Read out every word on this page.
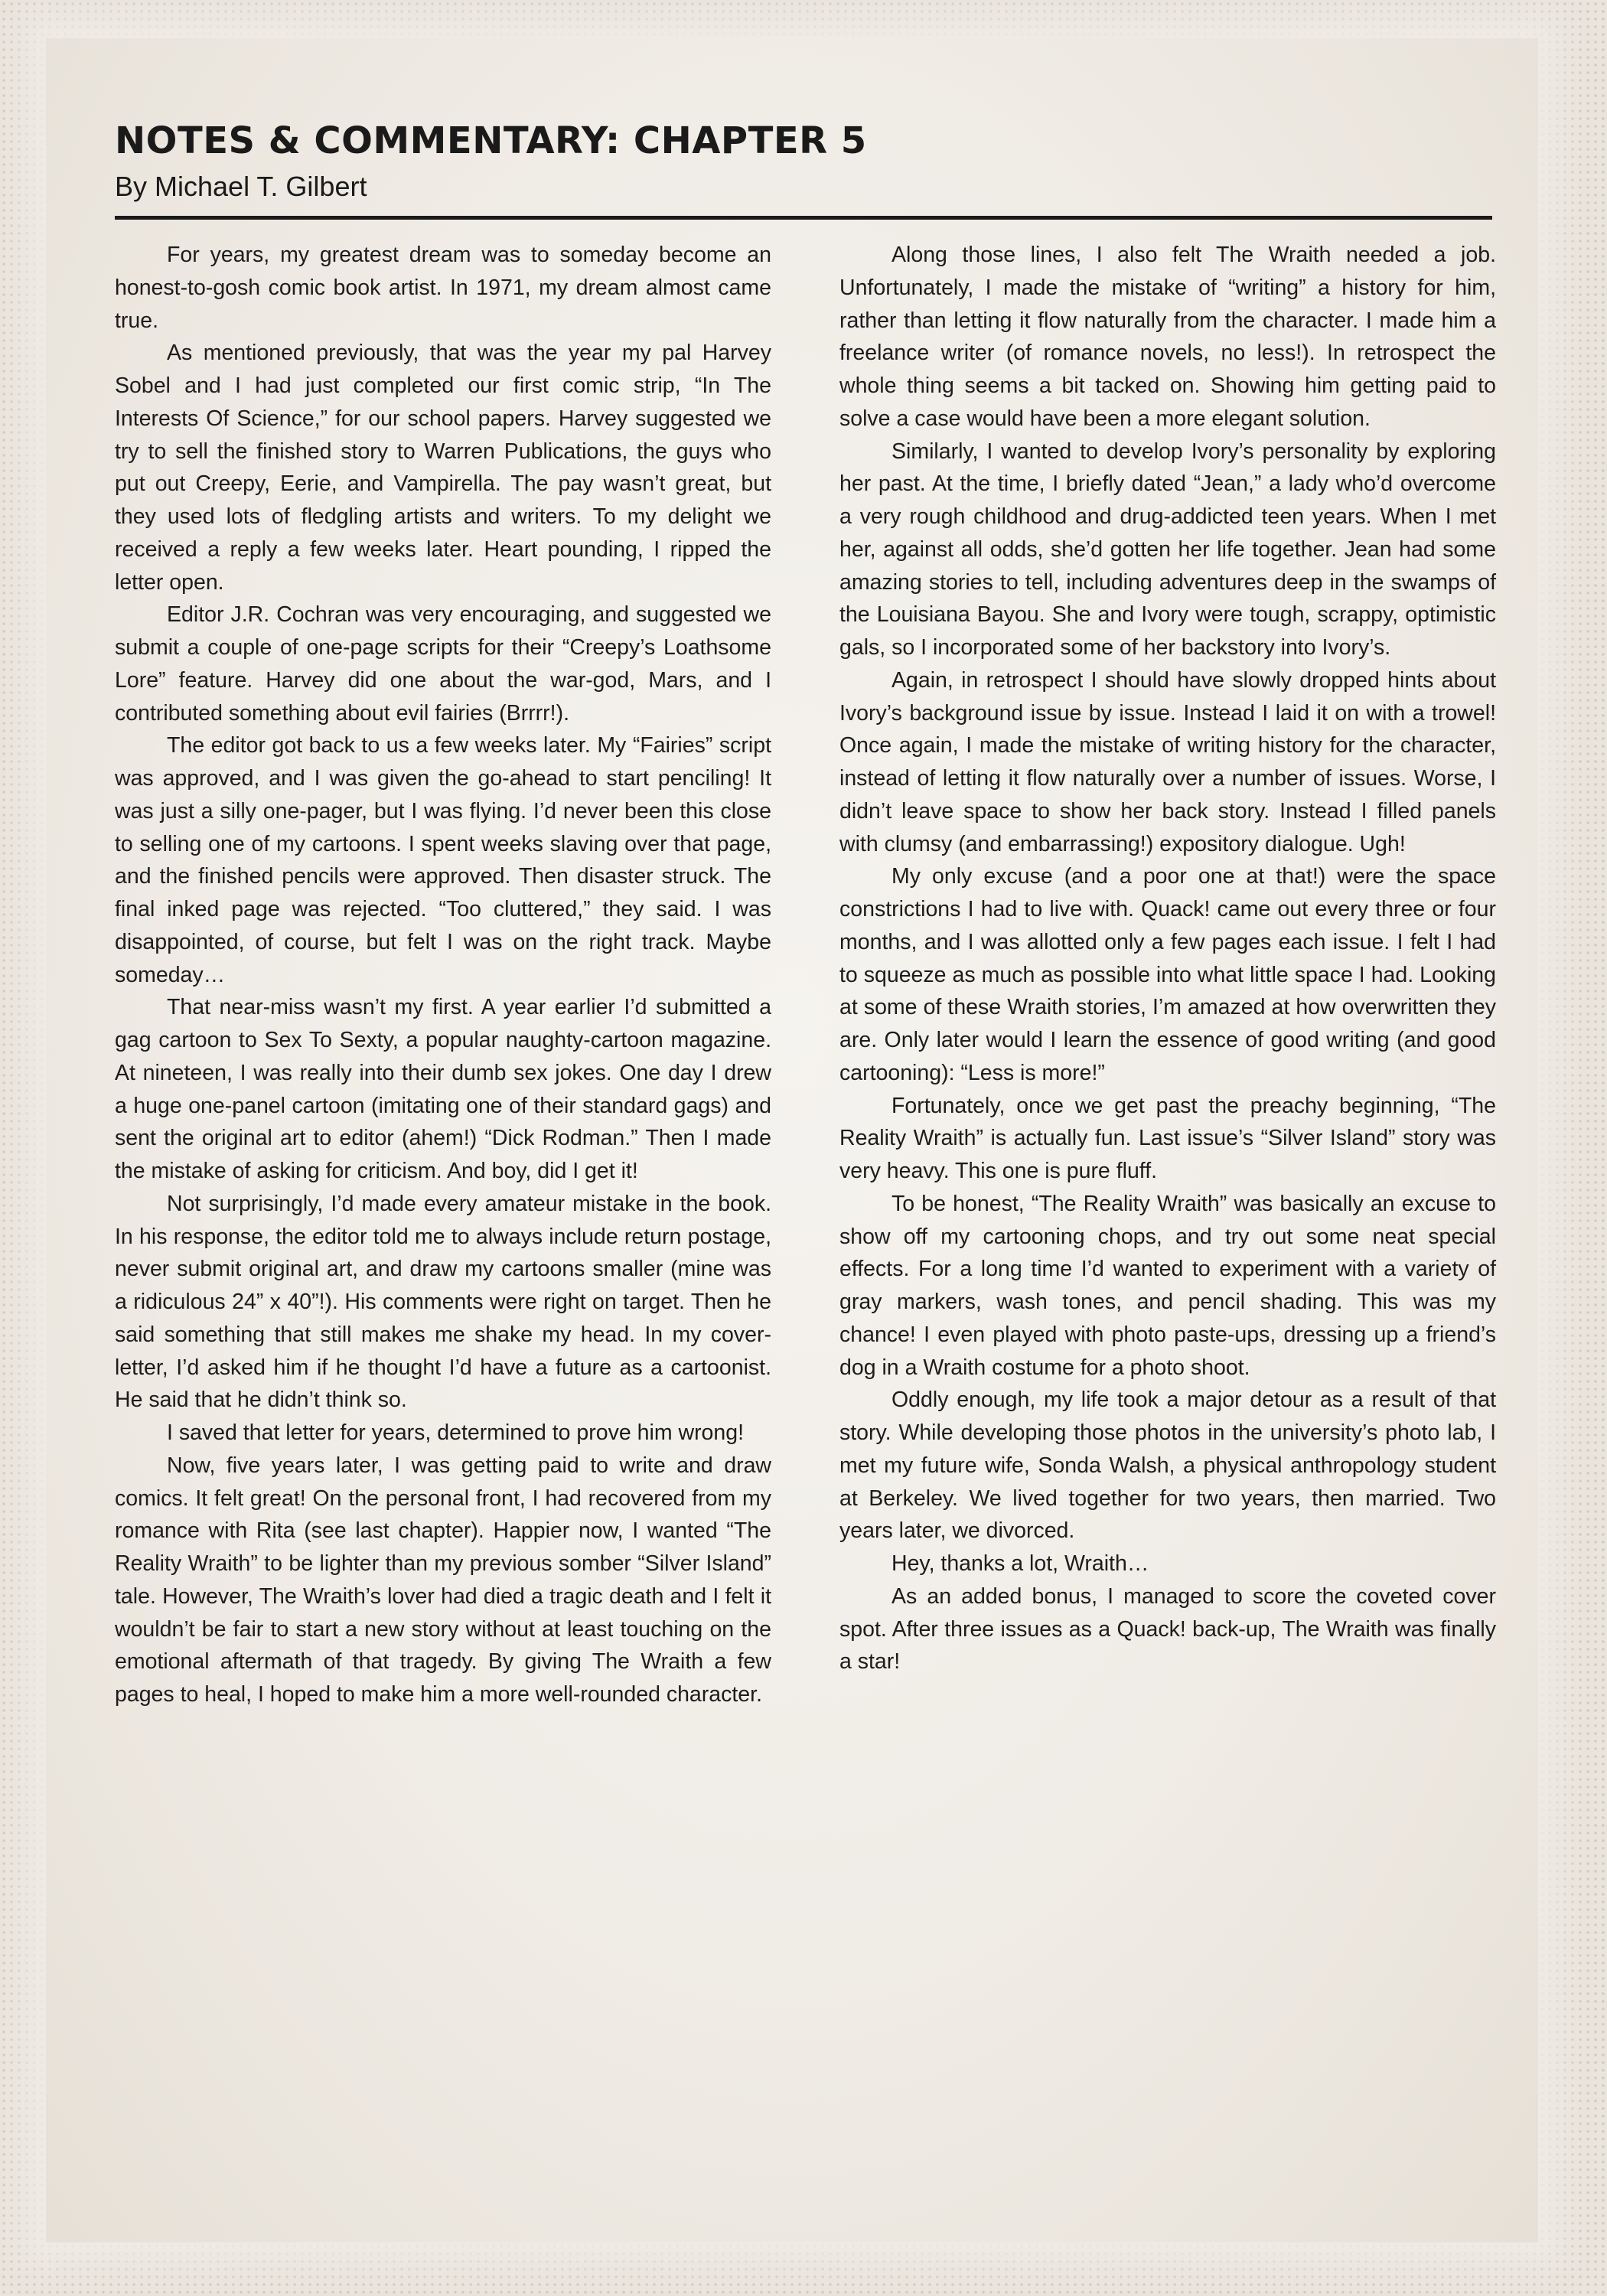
NOTES & COMMENTARY: CHAPTER 5
By Michael T. Gilbert

For years, my greatest dream was to someday become an honest-to-gosh comic book artist. In 1971, my dream almost came true.

As mentioned previously, that was the year my pal Harvey Sobel and I had just completed our first comic strip, “In The Interests Of Science,” for our school papers. Harvey suggested we try to sell the finished story to Warren Publications, the guys who put out Creepy, Eerie, and Vampirella. The pay wasn’t great, but they used lots of fledgling artists and writers. To my delight we received a reply a few weeks later. Heart pounding, I ripped the letter open.

Editor J.R. Cochran was very encouraging, and suggested we submit a couple of one-page scripts for their “Creepy’s Loathsome Lore” feature. Harvey did one about the war-god, Mars, and I contributed something about evil fairies (Brrrr!).

The editor got back to us a few weeks later. My “Fairies” script was approved, and I was given the go-ahead to start penciling! It was just a silly one-pager, but I was flying. I’d never been this close to selling one of my cartoons. I spent weeks slaving over that page, and the finished pencils were approved. Then disaster struck. The final inked page was rejected. “Too cluttered,” they said. I was disappointed, of course, but felt I was on the right track. Maybe someday…

That near-miss wasn’t my first. A year earlier I’d submitted a gag cartoon to Sex To Sexty, a popular naughty-cartoon magazine. At nineteen, I was really into their dumb sex jokes. One day I drew a huge one-panel cartoon (imitating one of their standard gags) and sent the original art to editor (ahem!) “Dick Rodman.” Then I made the mistake of asking for criticism. And boy, did I get it!

Not surprisingly, I’d made every amateur mistake in the book. In his response, the editor told me to always include return postage, never submit original art, and draw my cartoons smaller (mine was a ridiculous 24” x 40”!). His comments were right on target. Then he said something that still makes me shake my head. In my cover-letter, I’d asked him if he thought I’d have a future as a cartoonist. He said that he didn’t think so.

I saved that letter for years, determined to prove him wrong!

Now, five years later, I was getting paid to write and draw comics. It felt great! On the personal front, I had recovered from my romance with Rita (see last chapter). Happier now, I wanted “The Reality Wraith” to be lighter than my previous somber “Silver Island” tale. However, The Wraith’s lover had died a tragic death and I felt it wouldn’t be fair to start a new story without at least touching on the emotional aftermath of that tragedy. By giving The Wraith a few pages to heal, I hoped to make him a more well-rounded character.

Along those lines, I also felt The Wraith needed a job. Unfortunately, I made the mistake of “writing” a history for him, rather than letting it flow naturally from the character. I made him a freelance writer (of romance novels, no less!). In retrospect the whole thing seems a bit tacked on. Showing him getting paid to solve a case would have been a more elegant solution.

Similarly, I wanted to develop Ivory’s personality by exploring her past. At the time, I briefly dated “Jean,” a lady who’d overcome a very rough childhood and drug-addicted teen years. When I met her, against all odds, she’d gotten her life together. Jean had some amazing stories to tell, including adventures deep in the swamps of the Louisiana Bayou. She and Ivory were tough, scrappy, optimistic gals, so I incorporated some of her backstory into Ivory’s.

Again, in retrospect I should have slowly dropped hints about Ivory’s background issue by issue. Instead I laid it on with a trowel! Once again, I made the mistake of writing history for the character, instead of letting it flow naturally over a number of issues. Worse, I didn’t leave space to show her back story. Instead I filled panels with clumsy (and embarrassing!) expository dialogue. Ugh!

My only excuse (and a poor one at that!) were the space constrictions I had to live with. Quack! came out every three or four months, and I was allotted only a few pages each issue. I felt I had to squeeze as much as possible into what little space I had. Looking at some of these Wraith stories, I’m amazed at how overwritten they are. Only later would I learn the essence of good writing (and good cartooning): “Less is more!”

Fortunately, once we get past the preachy beginning, “The Reality Wraith” is actually fun. Last issue’s “Silver Island” story was very heavy. This one is pure fluff.

To be honest, “The Reality Wraith” was basically an excuse to show off my cartooning chops, and try out some neat special effects. For a long time I’d wanted to experiment with a variety of gray markers, wash tones, and pencil shading. This was my chance! I even played with photo paste-ups, dressing up a friend’s dog in a Wraith costume for a photo shoot.

Oddly enough, my life took a major detour as a result of that story. While developing those photos in the university’s photo lab, I met my future wife, Sonda Walsh, a physical anthropology student at Berkeley. We lived together for two years, then married. Two years later, we divorced.

Hey, thanks a lot, Wraith…

As an added bonus, I managed to score the coveted cover spot. After three issues as a Quack! back-up, The Wraith was finally a star!
